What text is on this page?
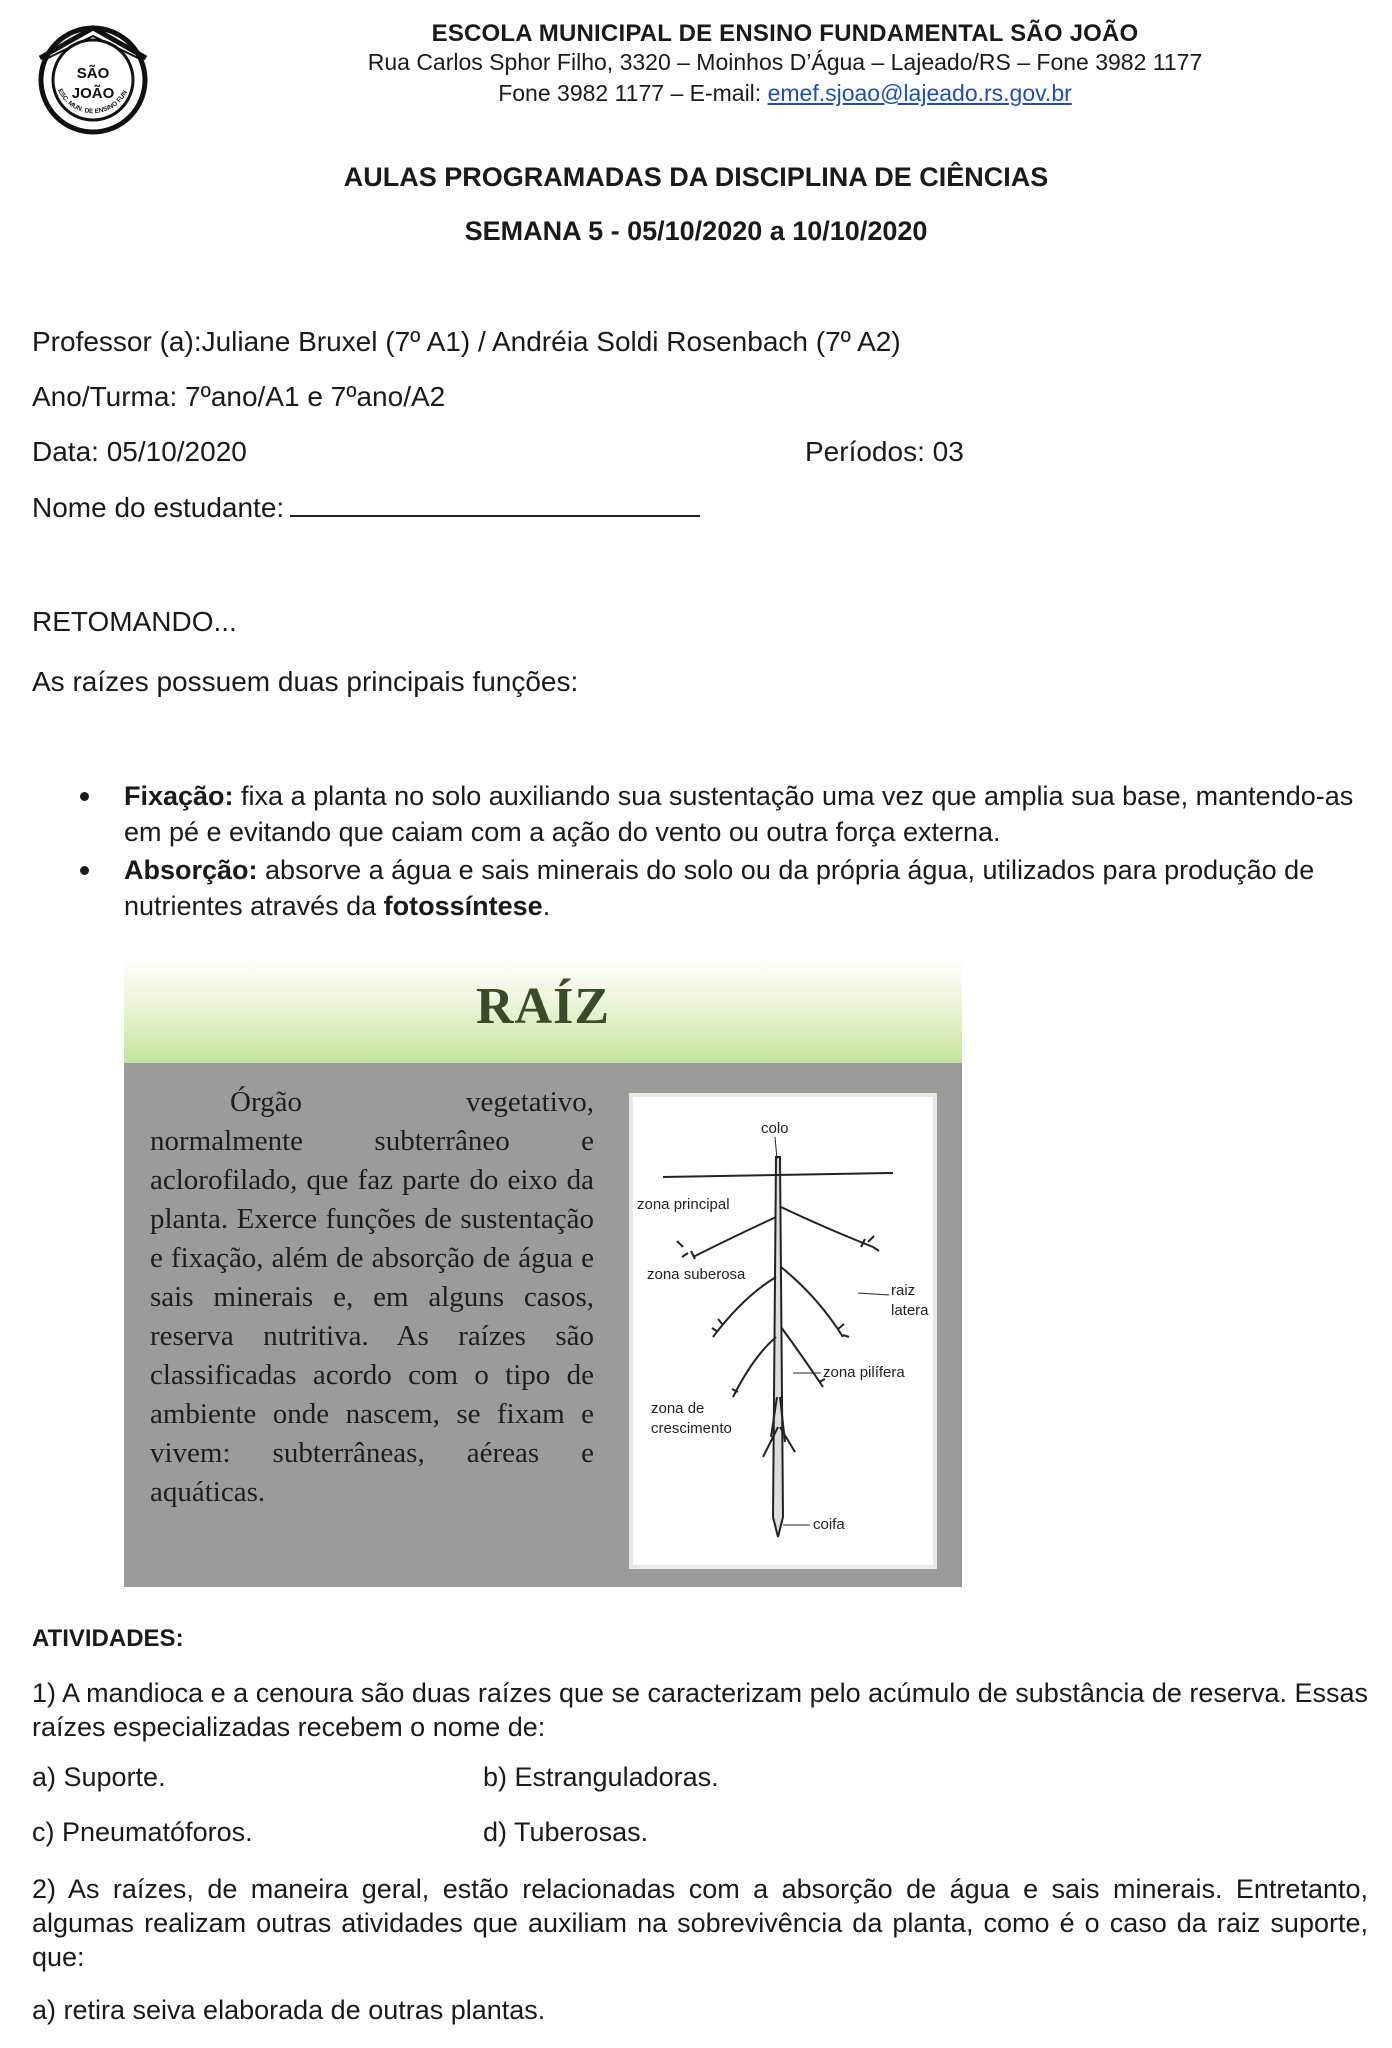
SÃO
JOÃO
ESC. MUN. DE ENSINO FUN
ESCOLA MUNICIPAL DE ENSINO FUNDAMENTAL SÃO JOÃO
Rua Carlos Sphor Filho, 3320 – Moinhos D’Água – Lajeado/RS – Fone 3982 1177
Fone 3982 1177 – E-mail: emef.sjoao@lajeado.rs.gov.br
AULAS PROGRAMADAS DA DISCIPLINA DE CIÊNCIAS
SEMANA 5 - 05/10/2020 a 10/10/2020
Professor (a):Juliane Bruxel (7º A1) / Andréia Soldi Rosenbach (7º A2)
Ano/Turma: 7ºano/A1 e 7ºano/A2
Data: 05/10/2020	Períodos: 03
Nome do estudante:
RETOMANDO...
As raízes possuem duas principais funções:
Fixação: fixa a planta no solo auxiliando sua sustentação uma vez que amplia sua base, mantendo-as em pé e evitando que caiam com a ação do vento ou outra força externa.
Absorção: absorve a água e sais minerais do solo ou da própria água, utilizados para produção de nutrientes através da fotossíntese.
RAÍZ
Órgão vegetativo, normalmente subterrâneo e aclorofilado, que faz parte do eixo da planta. Exerce funções de sustentação e fixação, além de absorção de água e sais minerais e, em alguns casos, reserva nutritiva. As raízes são classificadas acordo com o tipo de ambiente onde nascem, se fixam e vivem: subterrâneas, aéreas e aquáticas.
colo
zona principal
zona suberosa
raiz
latera
zona pilífera
zona de
crescimento
coifa
ATIVIDADES:
1) A mandioca e a cenoura são duas raízes que se caracterizam pelo acúmulo de substância de reserva. Essas raízes especializadas recebem o nome de:
a) Suporte.	b) Estranguladoras.
c) Pneumatóforos.	d) Tuberosas.
2) As raízes, de maneira geral, estão relacionadas com a absorção de água e sais minerais. Entretanto, algumas realizam outras atividades que auxiliam na sobrevivência da planta, como é o caso da raiz suporte, que:
a) retira seiva elaborada de outras plantas.
